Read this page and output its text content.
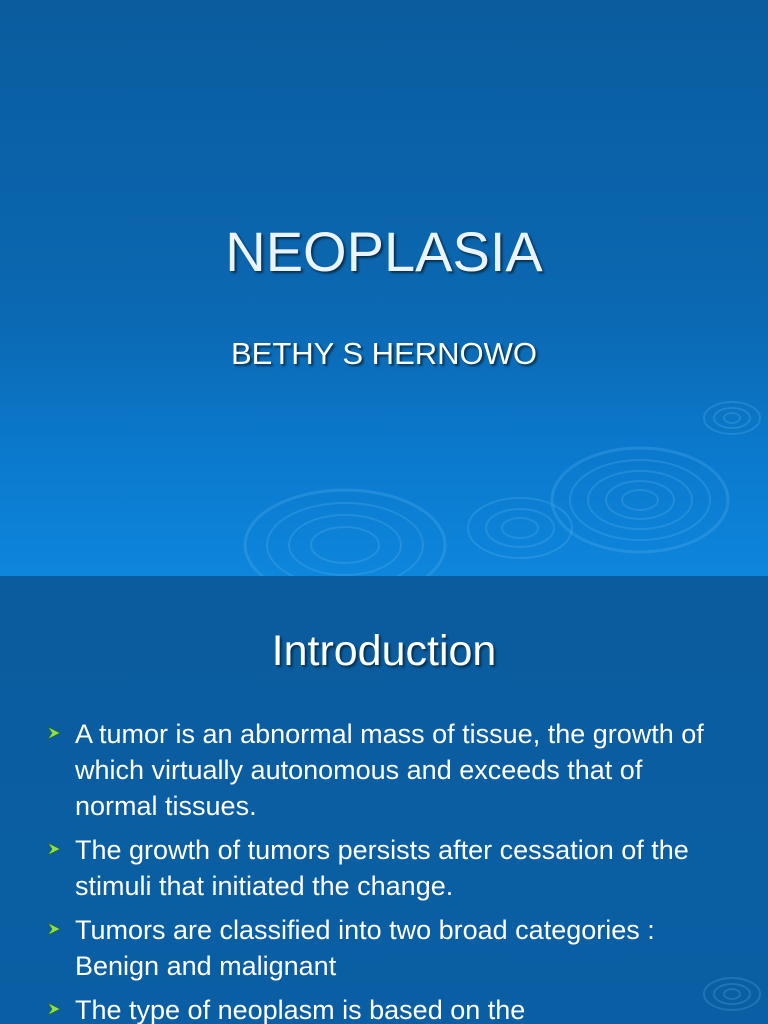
NEOPLASIA
BETHY S HERNOWO
Introduction
A tumor is an abnormal mass of tissue, the growth of which virtually autonomous and exceeds that of normal tissues.
The growth of tumors persists after cessation of the stimuli that initiated the change.
Tumors are classified into two broad categories : Benign and malignant
The type of neoplasm is based on the
